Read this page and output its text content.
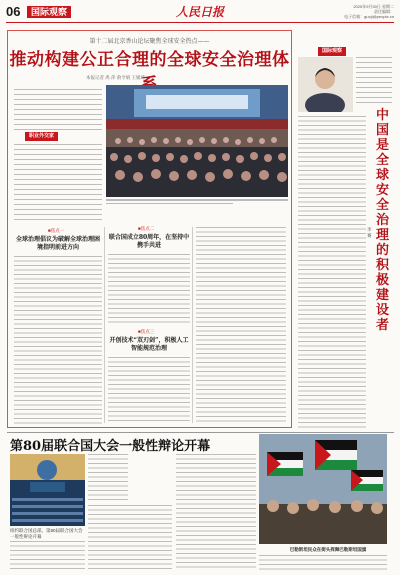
06	国际观察	人民日报	2025年9月30日 星期二
责任编辑：
电子信箱：guoji@people.cn
第十二届北京香山论坛聚焦全球安全热点——
推动构建公正合理的全球安全治理体
本报记者 禹 萍 俞令娟 王媛琦
职业外交家
■焦点一
全球治理倡议为破解全球治理困境指明前进方向
■焦点二
联合国成立80周年，在坚持中携手共进
■焦点三
开创技术“双刃剑”，积极人工智能规范治理
国际观察
中国是全球安全治理的积极建设者
李赛
第80届联合国大会一般性辩论开幕
纽约联合国总部，第80届联合国大会一般性辩论开幕
巴勒斯坦民众在街头挥舞巴勒斯坦国旗
